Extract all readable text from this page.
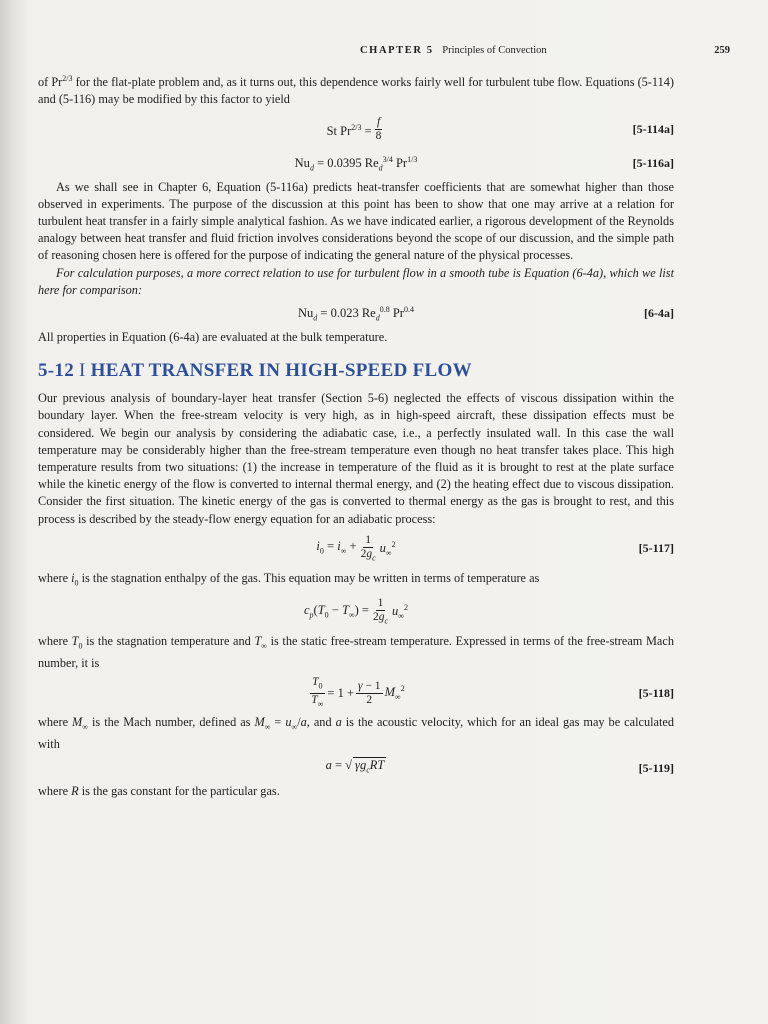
CHAPTER 5 Principles of Convection	259

of $Pr^{2/3}$ for the flat-plate problem and, as it turns out, this dependence works fairly well for turbulent tube flow. Equations (5-114) and (5-116) may be modified by this factor to yield

St $Pr^{2/3} = \frac{f}{8}$	[5-114a]
$Nu_d = 0.0395$ $Re_d^{3/4}$ $Pr^{1/3}$	[5-116a]

As we shall see in Chapter 6, Equation (5-116a) predicts heat-transfer coefficients that are somewhat higher than those observed in experiments. The purpose of the discussion at this point has been to show that one may arrive at a relation for turbulent heat transfer in a fairly simple analytical fashion. As we have indicated earlier, a rigorous development of the Reynolds analogy between heat transfer and fluid friction involves considerations beyond the scope of our discussion, and the simple path of reasoning chosen here is offered for the purpose of indicating the general nature of the physical processes.

For calculation purposes, a more correct relation to use for turbulent flow in a smooth tube is Equation (6-4a), which we list here for comparison:

$Nu_d = 0.023$ $Re_d^{0.8}$ $Pr^{0.4}$	[6-4a]

All properties in Equation (6-4a) are evaluated at the bulk temperature.

5-12 I HEAT TRANSFER IN HIGH-SPEED FLOW

Our previous analysis of boundary-layer heat transfer (Section 5-6) neglected the effects of viscous dissipation within the boundary layer. When the free-stream velocity is very high, as in high-speed aircraft, these dissipation effects must be considered. We begin our analysis by considering the adiabatic case, i.e., a perfectly insulated wall. In this case the wall temperature may be considerably higher than the free-stream temperature even though no heat transfer takes place. This high temperature results from two situations: (1) the increase in temperature of the fluid as it is brought to rest at the plate surface while the kinetic energy of the flow is converted to internal thermal energy, and (2) the heating effect due to viscous dissipation. Consider the first situation. The kinetic energy of the gas is converted to thermal energy as the gas is brought to rest, and this process is described by the steady-flow energy equation for an adiabatic process:

$i_0 = i_\infty + \frac{1}{2g_c} u_\infty^2$	[5-117]

where $i_0$ is the stagnation enthalpy of the gas. This equation may be written in terms of temperature as

$c_p(T_0 - T_\infty) = \frac{1}{2g_c} u_\infty^2$

where $T_0$ is the stagnation temperature and $T_\infty$ is the static free-stream temperature. Expressed in terms of the free-stream Mach number, it is

$\frac{T_0}{T_\infty} = 1 + \frac{\gamma - 1}{2} M_\infty^2$	[5-118]

where $M_\infty$ is the Mach number, defined as $M_\infty = u_\infty/a$, and a is the acoustic velocity, which for an ideal gas may be calculated with

a = √ $\gamma g_cRT$	[5-119]

where R is the gas constant for the particular gas.
